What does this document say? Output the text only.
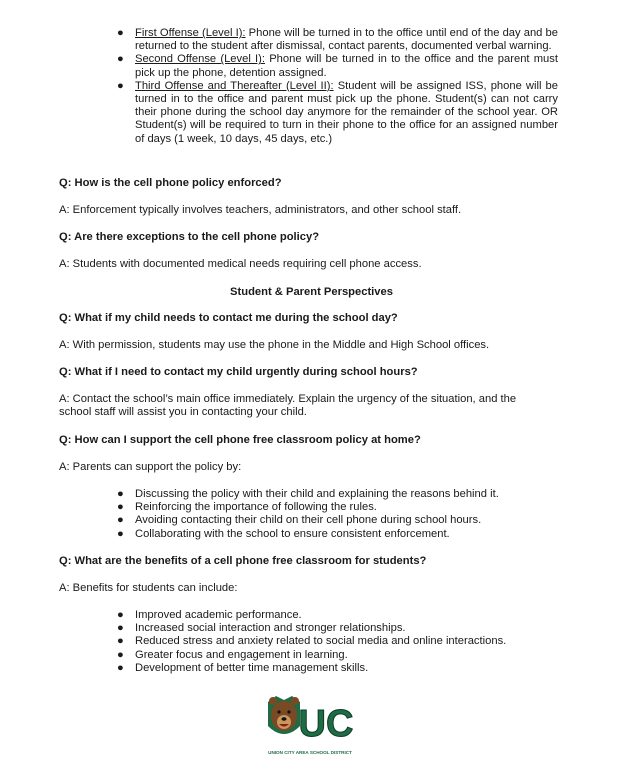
● First Offense (Level I): Phone will be turned in to the office until end of the day and be returned to the student after dismissal, contact parents, documented verbal warning.
● Second Offense (Level I): Phone will be turned in to the office and the parent must pick up the phone, detention assigned.
● Third Offense and Thereafter (Level II): Student will be assigned ISS, phone will be turned in to the office and parent must pick up the phone. Student(s) can not carry their phone during the school day anymore for the remainder of the school year. OR Student(s) will be required to turn in their phone to the office for an assigned number of days (1 week, 10 days, 45 days, etc.)
Q: How is the cell phone policy enforced?
A: Enforcement typically involves teachers, administrators, and other school staff.
Q: Are there exceptions to the cell phone policy?
A: Students with documented medical needs requiring cell phone access.
Student & Parent Perspectives
Q: What if my child needs to contact me during the school day?
A: With permission, students may use the phone in the Middle and High School offices.
Q: What if I need to contact my child urgently during school hours?
A: Contact the school’s main office immediately. Explain the urgency of the situation, and the school staff will assist you in contacting your child.
Q: How can I support the cell phone free classroom policy at home?
A: Parents can support the policy by:
● Discussing the policy with their child and explaining the reasons behind it.
● Reinforcing the importance of following the rules.
● Avoiding contacting their child on their cell phone during school hours.
● Collaborating with the school to ensure consistent enforcement.
Q: What are the benefits of a cell phone free classroom for students?
A: Benefits for students can include:
● Improved academic performance.
● Increased social interaction and stronger relationships.
● Reduced stress and anxiety related to social media and online interactions.
● Greater focus and engagement in learning.
● Development of better time management skills.
UC
UNION CITY AREA SCHOOL DISTRICT
